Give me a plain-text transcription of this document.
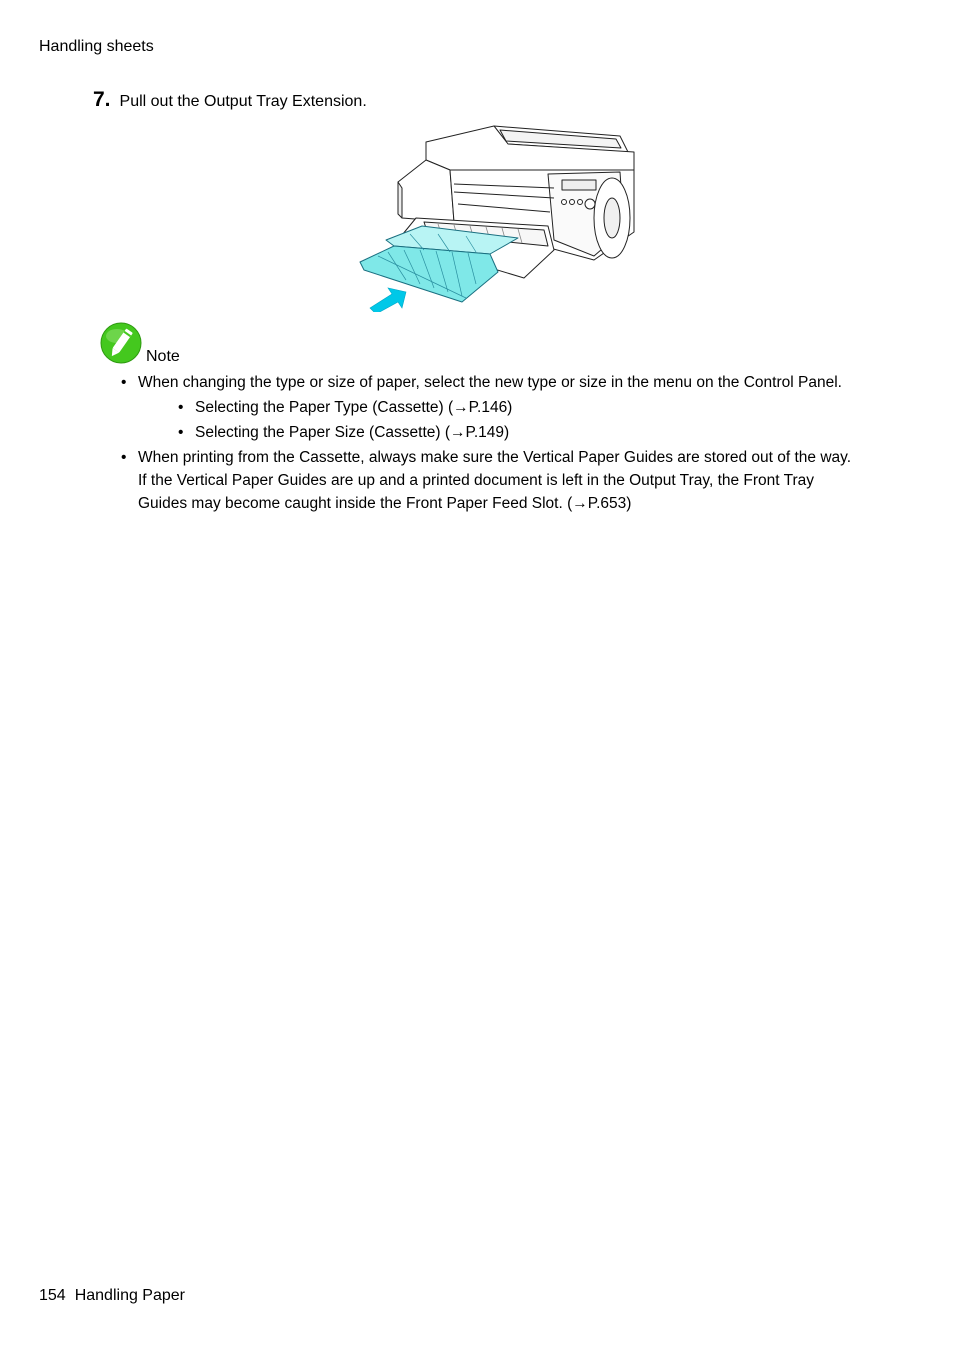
Handling sheets
7. Pull out the Output Tray Extension.
Note
• When changing the type or size of paper, select the new type or size in the menu on the Control Panel.
• Selecting the Paper Type (Cassette) (→P.146)
• Selecting the Paper Size (Cassette) (→P.149)
• When printing from the Cassette, always make sure the Vertical Paper Guides are stored out of the way.
If the Vertical Paper Guides are up and a printed document is left in the Output Tray, the Front Tray
Guides may become caught inside the Front Paper Feed Slot. (→P.653)
154 Handling Paper
